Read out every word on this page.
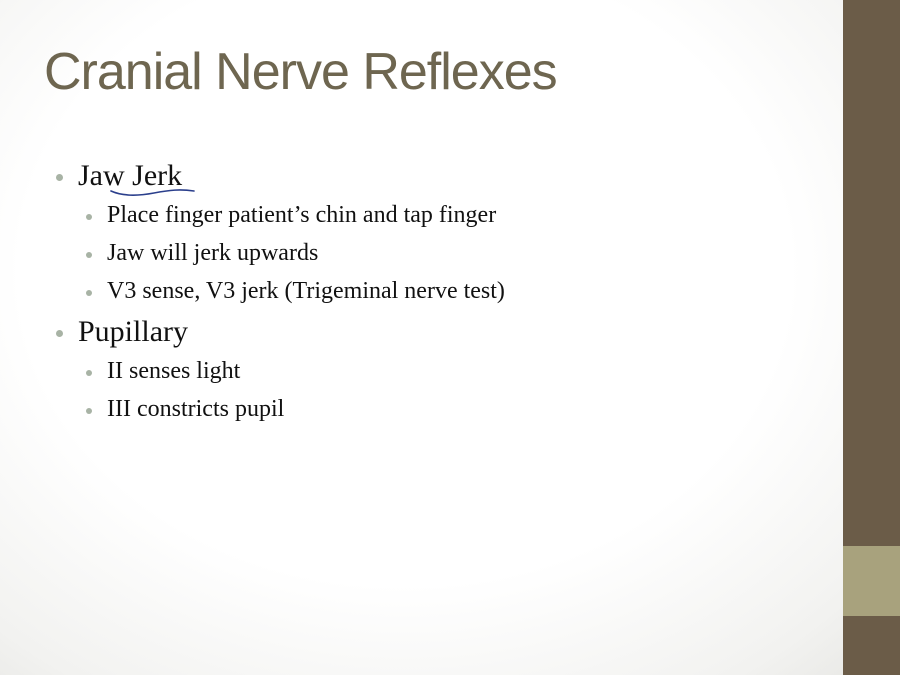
Cranial Nerve Reflexes
Jaw Jerk
Place finger patient’s chin and tap finger
Jaw will jerk upwards
V3 sense, V3 jerk (Trigeminal nerve test)
Pupillary
II senses light
III constricts pupil
